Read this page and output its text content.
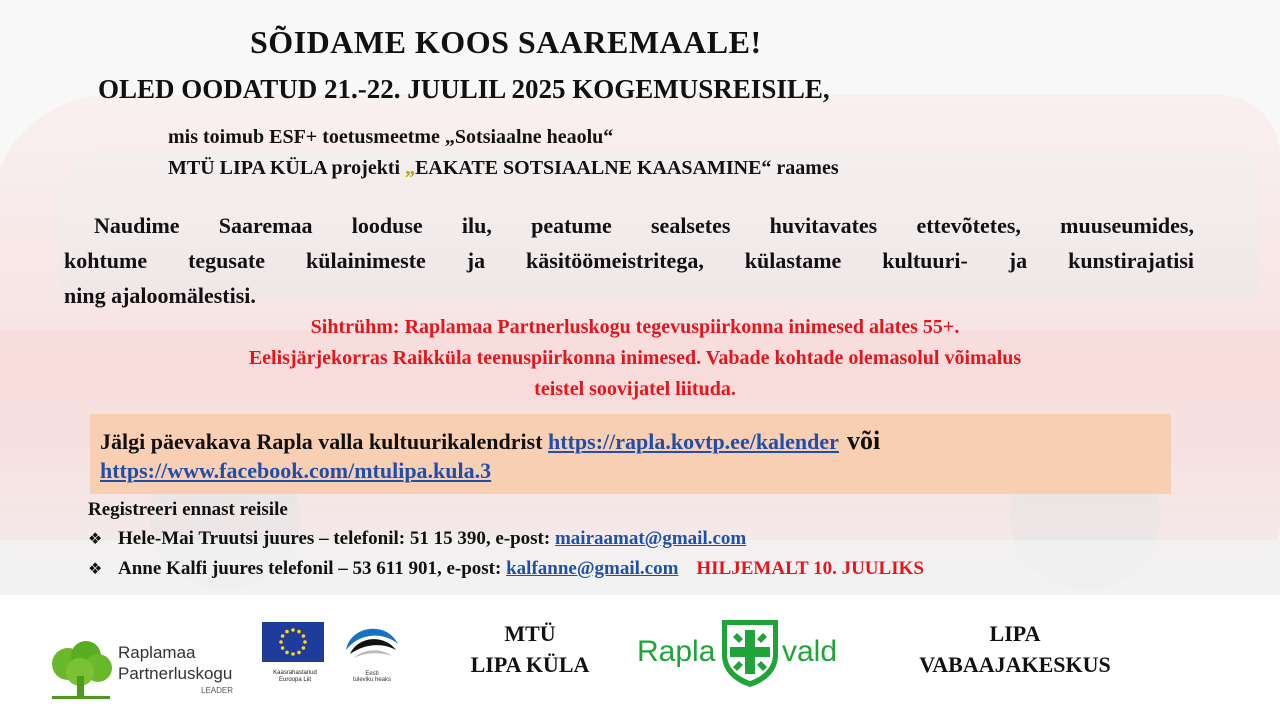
SÕIDAME KOOS SAAREMAALE!
OLED OODATUD 21.-22. JUULIL 2025 KOGEMUSREISILE,
mis toimub ESF+ toetusmeetme „Sotsiaalne heaolu“
MTÜ LIPA KÜLA projekti „EAKATE SOTSIAALNE KAASAMINE“ raames
Naudime Saaremaa looduse ilu, peatume sealsetes huvitavates ettevõtetes, muuseumides,
kohtume tegusate külainimeste ja käsitöömeistritega, külastame kultuuri- ja kunstirajatisi
ning ajaloomälestisi.
Sihtrühm: Raplamaa Partnerluskogu tegevuspiirkonna inimesed alates 55+.
Eelisjärjekorras Raikküla teenuspiirkonna inimesed. Vabade kohtade olemasolul võimalus
teistel soovijatel liituda.
Jälgi päevakava Rapla valla kultuurikalendrist https://rapla.kovtp.ee/kalender või
https://www.facebook.com/mtulipa.kula.3
Registreeri ennast reisile
❖ Hele-Mai Truutsi juures – telefonil: 51 15 390, e-post: mairaamat@gmail.com
❖ Anne Kalfi juures telefonil – 53 611 901, e-post: kalfanne@gmail.com HILJEMALT 10. JUULIKS
Raplamaa
Partnerluskogu
LEADER
Kaasrahastanud
Euroopa Liit
Eesti
tuleviku heaks
MTÜ
LIPA KÜLA	Rapla vald
LIPA
VABAAJAKESKUS
